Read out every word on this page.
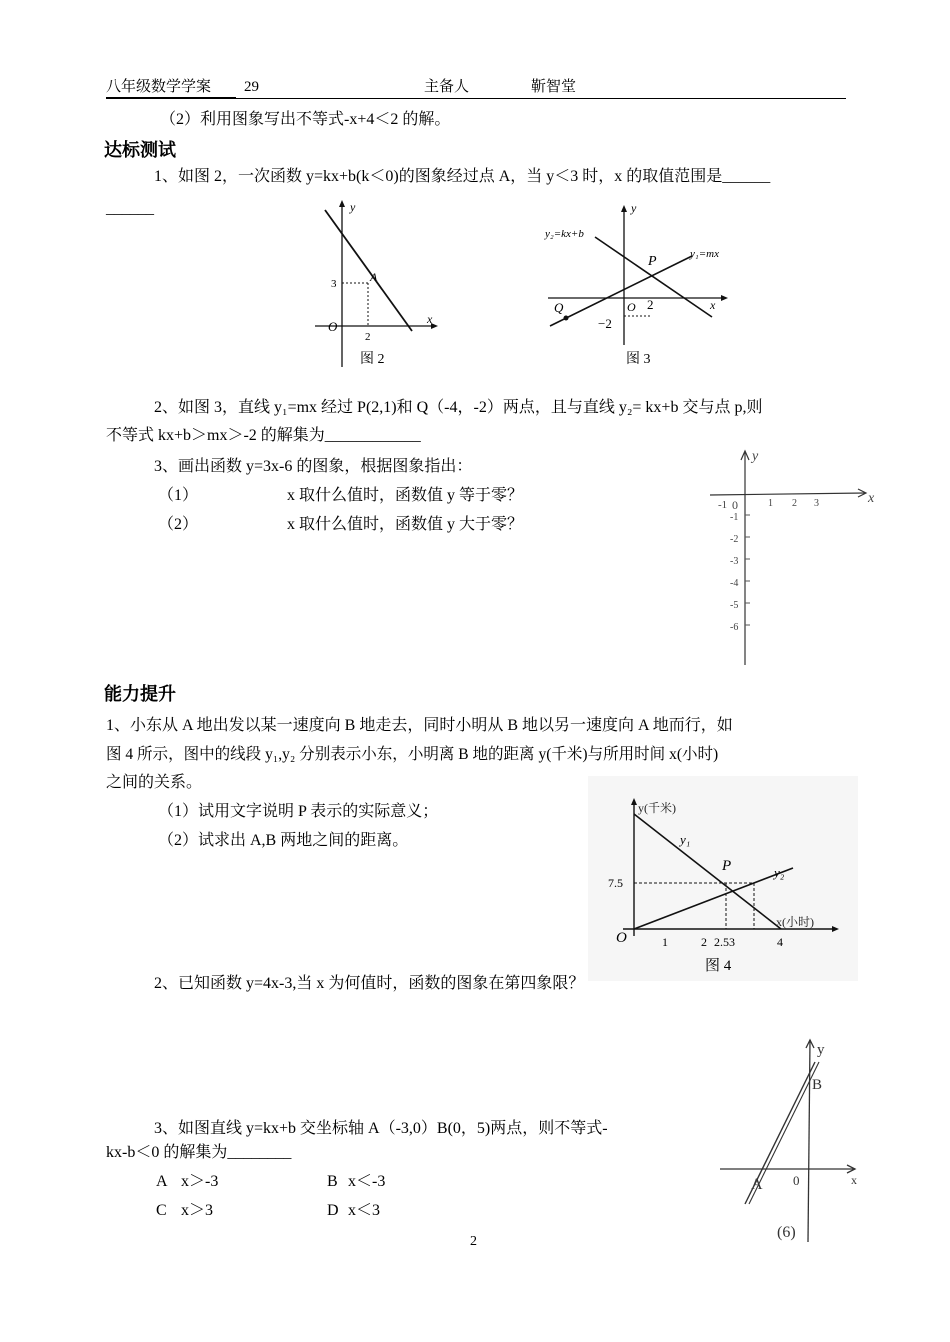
八年级数学学案 29	主备人	靳智堂
（2）利用图象写出不等式-x+4＜2 的解。
达标测试
1、如图 2，一次函数 y=kx+b(k＜0)的图象经过点 A，当 y＜3 时，x 的取值范围是______
______	y
x
O
3
2
A
图 2
y
x
O 2
−2
P
Q
y₁=mx
y₂=kx+b
图 3
2、如图 3，直线 y₁=mx 经过 P(2,1)和 Q（-4，-2）两点，且与直线 y₂= kx+b 交与点 p,则
不等式 kx+b＞mx＞-2 的解集为____________
3、画出函数 y=3x-6 的图象，根据图象指出：
（1）	x 取什么值时，函数值 y 等于零？
（2）	x 取什么值时，函数值 y 大于零？
-1 0	1 2 3	x
y
-1
-2
-3
-4
-5
-6
能力提升
1、小东从 A 地出发以某一速度向 B 地走去，同时小明从 B 地以另一速度向 A 地而行，如
图 4 所示，图中的线段 y₁,y₂ 分别表示小东，小明离 B 地的距离 y(千米)与所用时间 x(小时)
之间的关系。
（1）试用文字说明 P 表示的实际意义；
（2）试求出 A,B 两地之间的距离。
y(千米)
x(小时)
O
7.5
1	2 2.53	4
P
y₁
y₂
图 4
2、已知函数 y=4x-3,当 x 为何值时，函数的图象在第四象限？
3、如图直线 y=kx+b 交坐标轴 A（-3,0）B(0，5)两点，则不等式-
kx-b＜0 的解集为________
A x＞-3	B x＜-3
C x＞3	D x＜3
y
x
0
A
B
(6)
2
